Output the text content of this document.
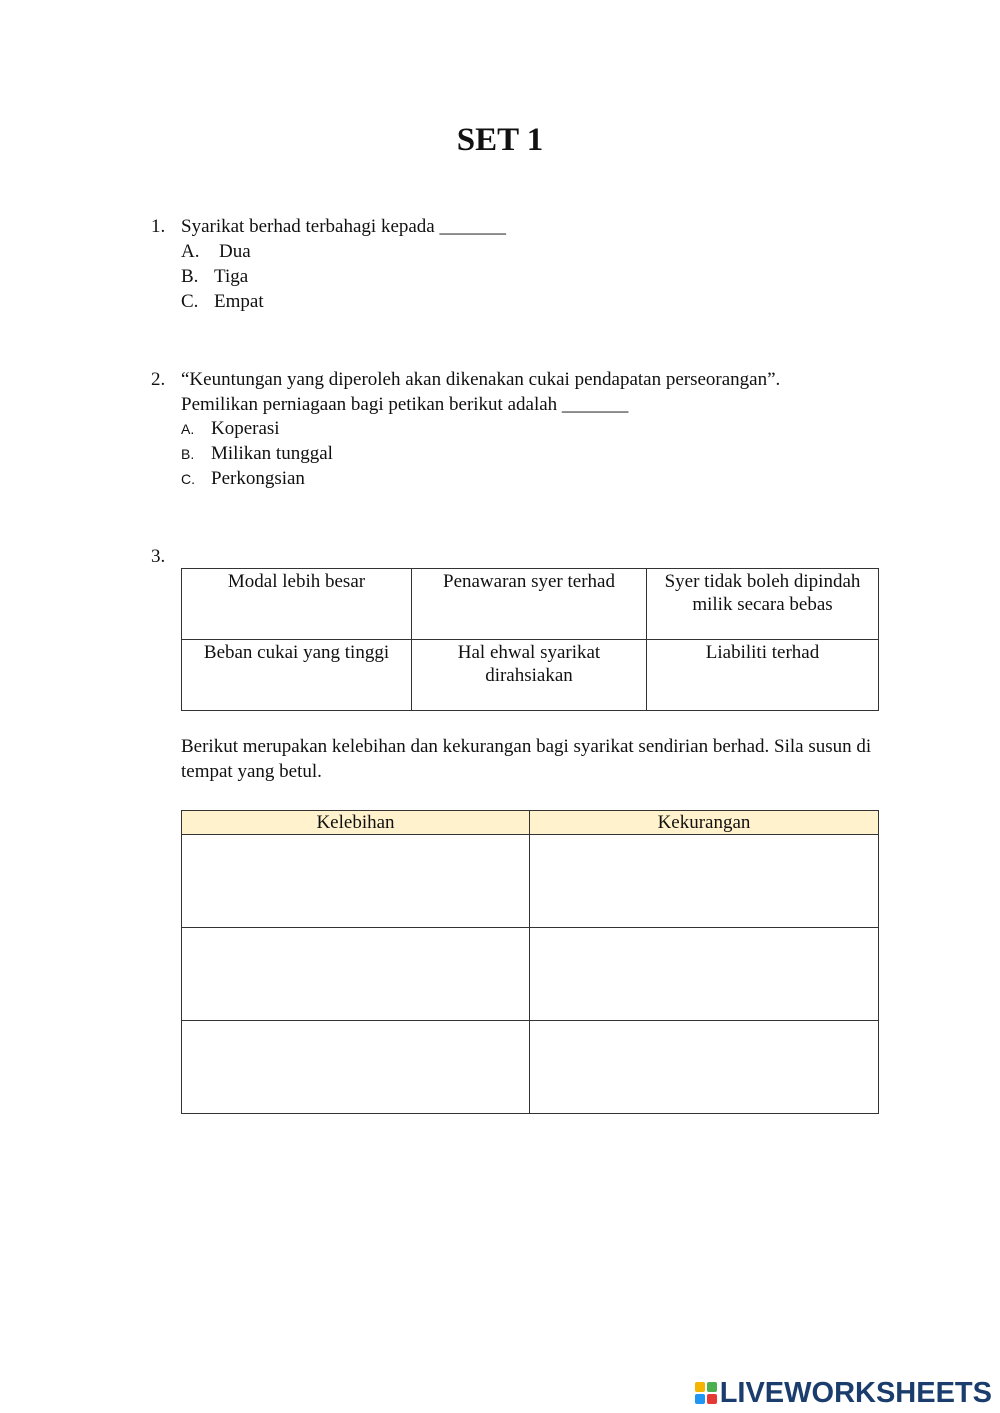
SET 1
1. Syarikat berhad terbahagi kepada _______
A. Dua
B. Tiga
C. Empat
2. “Keuntungan yang diperoleh akan dikenakan cukai pendapatan perseorangan”.
Pemilikan perniagaan bagi petikan berikut adalah _______
A. Koperasi
B. Milikan tunggal
C. Perkongsian
3.
Modal lebih besar	Penawaran syer terhad	Syer tidak boleh dipindah milik secara bebas
Beban cukai yang tinggi	Hal ehwal syarikat dirahsiakan	Liabiliti terhad
Berikut merupakan kelebihan dan kekurangan bagi syarikat sendirian berhad. Sila susun di tempat yang betul.
Kelebihan	Kekurangan

LIVEWORKSHEETS
